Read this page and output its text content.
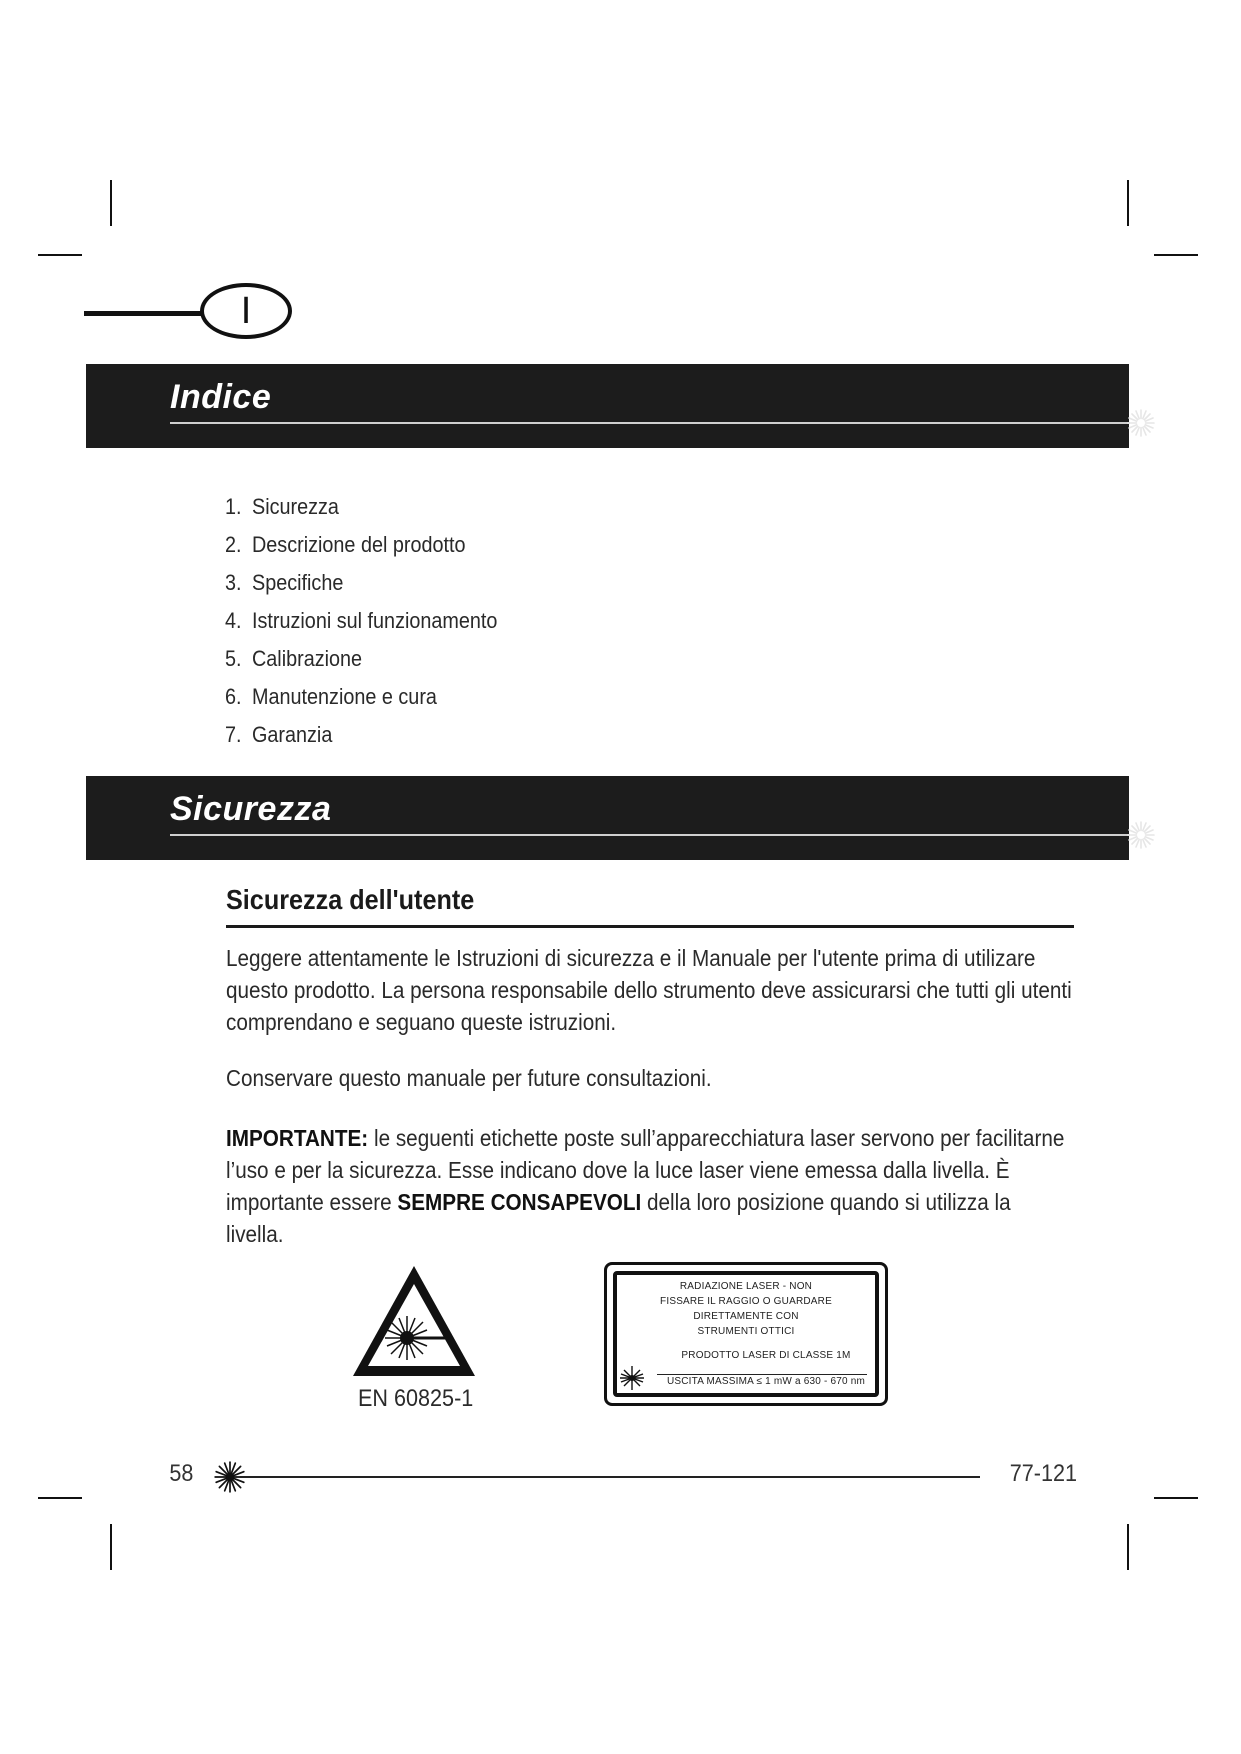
I
Indice
1. Sicurezza
2. Descrizione del prodotto
3. Specifiche
4. Istruzioni sul funzionamento
5. Calibrazione
6. Manutenzione e cura
7. Garanzia
Sicurezza
Sicurezza dell'utente

Leggere attentamente le Istruzioni di sicurezza e il Manuale per l'utente prima di utilizare questo prodotto. La persona responsabile dello strumento deve assicurarsi che tutti gli utenti comprendano e seguano queste istruzioni.

Conservare questo manuale per future consultazioni.

IMPORTANTE: le seguenti etichette poste sull’apparecchiatura laser servono per facilitarne l’uso e per la sicurezza. Esse indicano dove la luce laser viene emessa dalla livella. È importante essere SEMPRE CONSAPEVOLI della loro posizione quando si utilizza la livella.

EN 60825-1
RADIAZIONE LASER - NON
FISSARE IL RAGGIO O GUARDARE
DIRETTAMENTE CON
STRUMENTI OTTICI
PRODOTTO LASER DI CLASSE 1M
USCITA MASSIMA ≤ 1 mW a 630 - 670 nm
58	77-121
